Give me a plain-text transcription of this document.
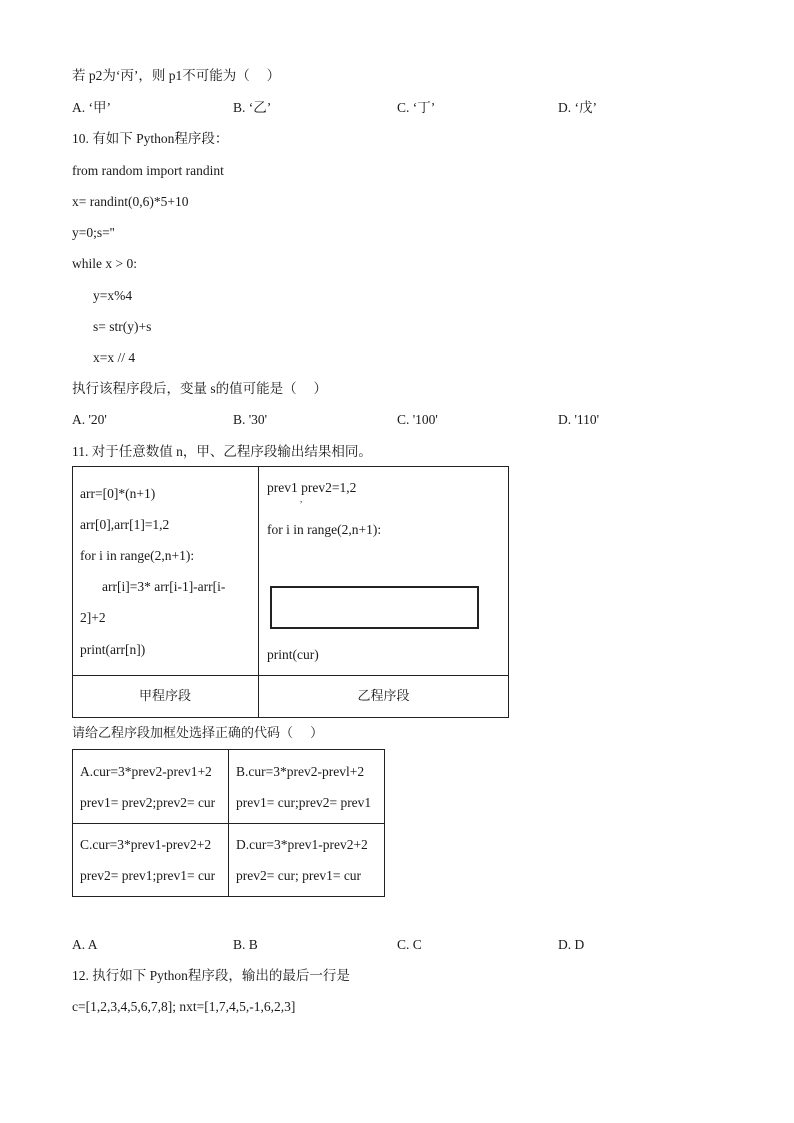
若 p2为‘丙’，则 p1不可能为（　 ）
A. ‘甲’	B. ‘乙’	C. ‘丁’	D. ‘戊’
10. 有如下 Python程序段：
from random import randint
x= randint(0,6)*5+10
y=0;s=''
while x > 0:
y=x%4
s= str(y)+s
x=x // 4
执行该程序段后，变量 s的值可能是（　 ）
A. '20'	B. '30'	C. '100'	D. '110'
11. 对于任意数值 n，甲、乙程序段输出结果相同。
arr=[0]*(n+1)
arr[0],arr[1]=1,2
for i in range(2,n+1):
arr[i]=3* arr[i-1]-arr[i-
2]+2
print(arr[n])
prev1 prev2=1,2
,
for i in range(2,n+1):
print(cur)
甲程序段	乙程序段
请给乙程序段加框处选择正确的代码（　 ）
A.cur=3*prev2-prev1+2
prev1= prev2;prev2= cur
B.cur=3*prev2-prevl+2
prev1= cur;prev2= prev1
C.cur=3*prev1-prev2+2
prev2= prev1;prev1= cur
D.cur=3*prev1-prev2+2
prev2= cur; prev1= cur
A. A	B. B	C. C	D. D
12. 执行如下 Python程序段，输出的最后一行是
c=[1,2,3,4,5,6,7,8]; nxt=[1,7,4,5,-1,6,2,3]
